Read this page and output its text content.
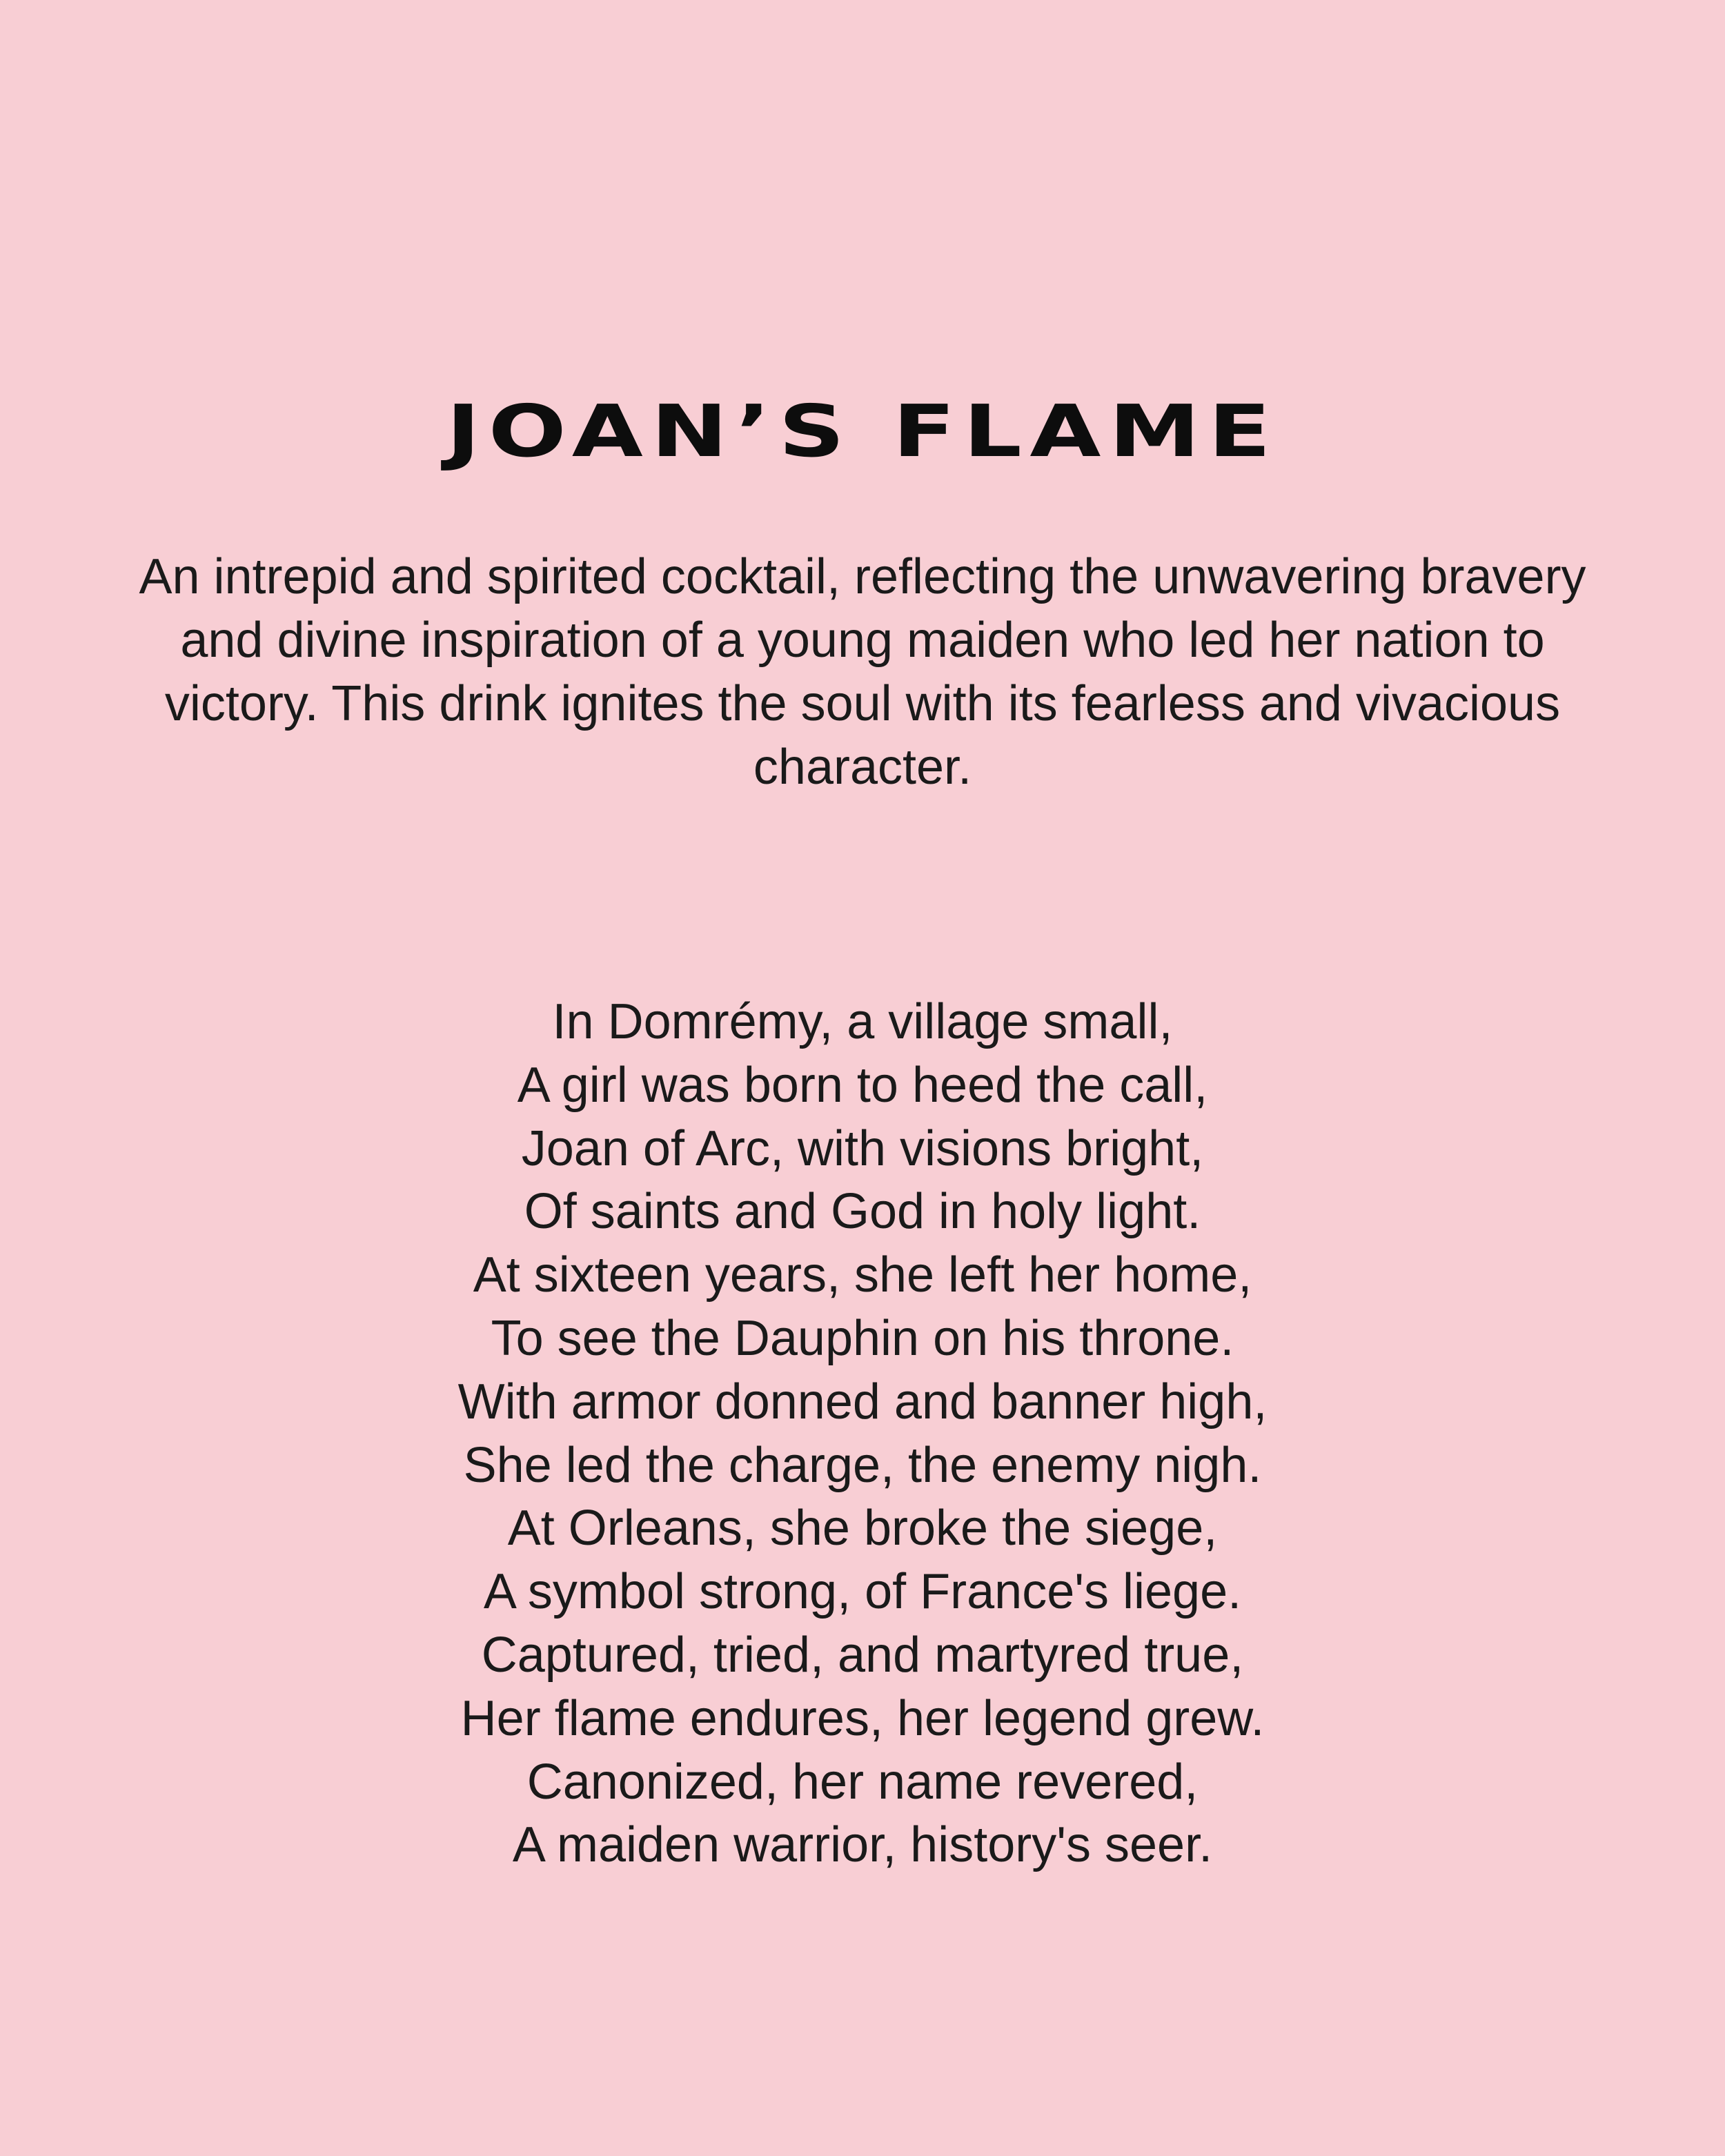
JOAN’S FLAME

An intrepid and spirited cocktail, reflecting the unwavering bravery and divine inspiration of a young maiden who led her nation to victory. This drink ignites the soul with its fearless and vivacious character.

In Domrémy, a village small,
A girl was born to heed the call,
Joan of Arc, with visions bright,
Of saints and God in holy light.
At sixteen years, she left her home,
To see the Dauphin on his throne.
With armor donned and banner high,
She led the charge, the enemy nigh.
At Orleans, she broke the siege,
A symbol strong, of France's liege.
Captured, tried, and martyred true,
Her flame endures, her legend grew.
Canonized, her name revered,
A maiden warrior, history's seer.
